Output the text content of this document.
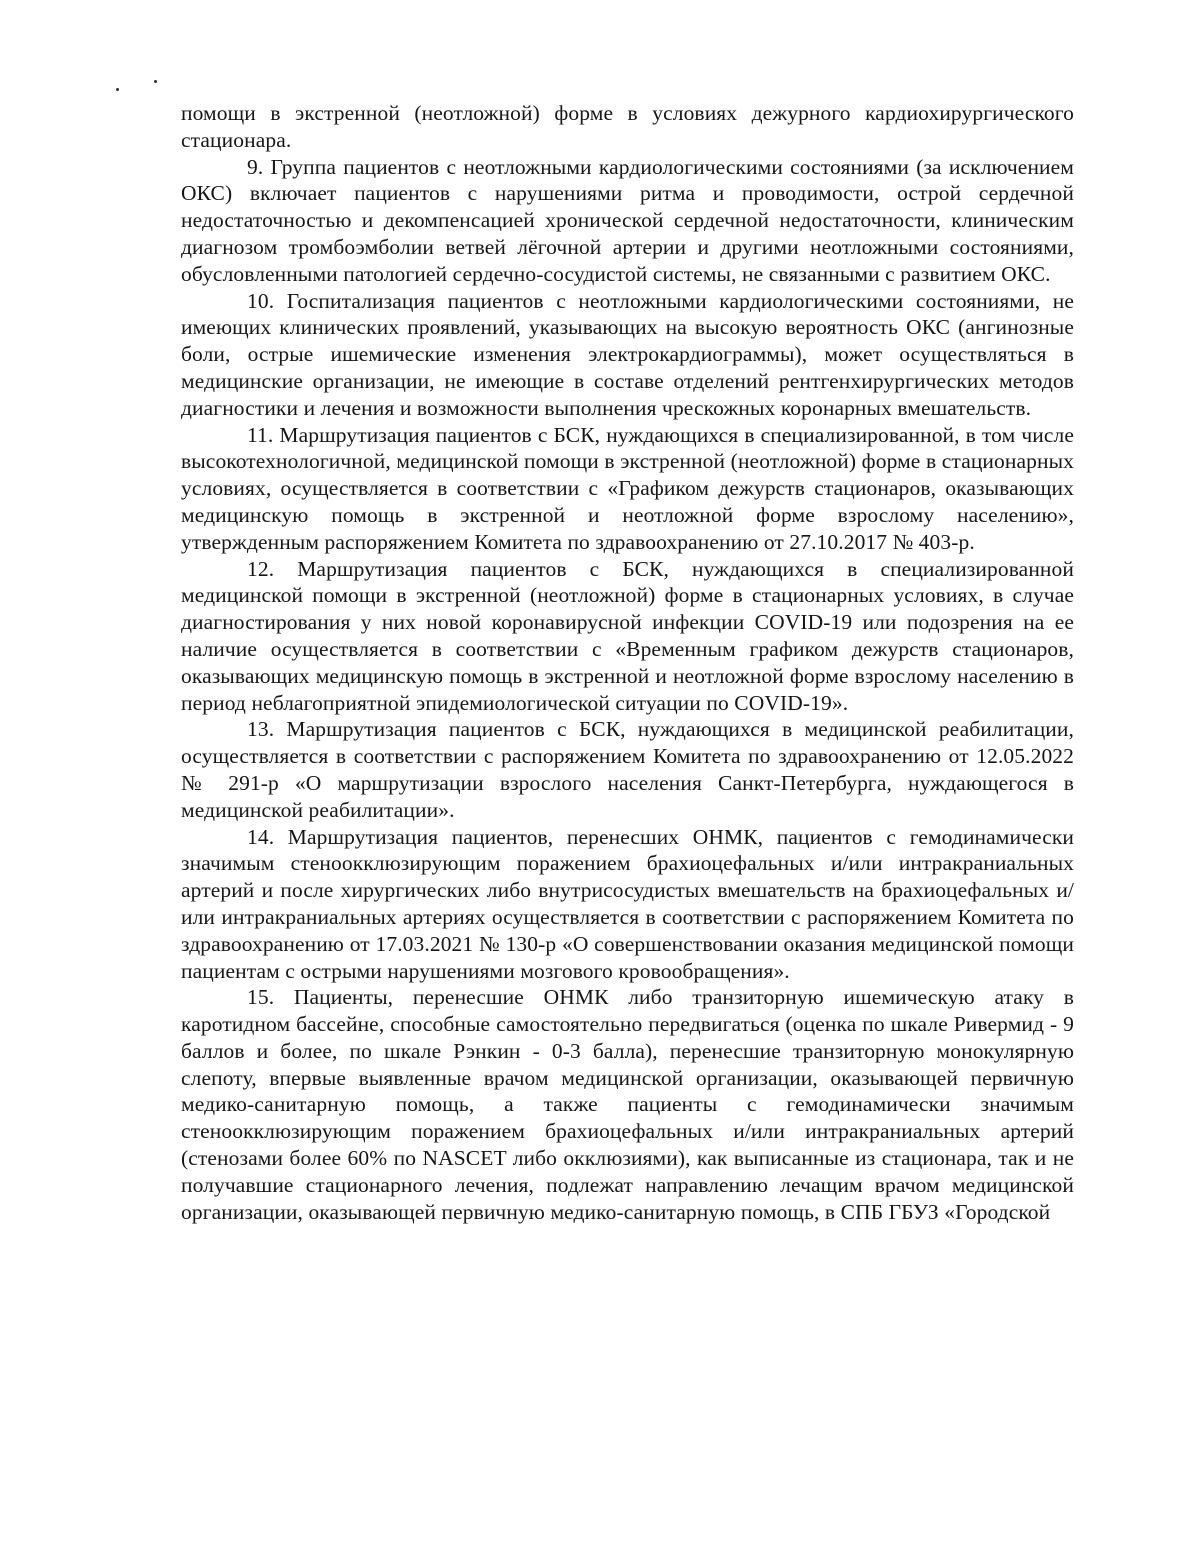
помощи в экстренной (неотложной) форме в условиях дежурного кардиохирургического стационара.

9. Группа пациентов с неотложными кардиологическими состояниями (за исключением ОКС) включает пациентов с нарушениями ритма и проводимости, острой сердечной недостаточностью и декомпенсацией хронической сердечной недостаточности, клиническим диагнозом тромбоэмболии ветвей лёгочной артерии и другими неотложными состояниями, обусловленными патологией сердечно-сосудистой системы, не связанными с развитием ОКС.

10. Госпитализация пациентов с неотложными кардиологическими состояниями, не имеющих клинических проявлений, указывающих на высокую вероятность ОКС (ангинозные боли, острые ишемические изменения электрокардиограммы), может осуществляться в медицинские организации, не имеющие в составе отделений рентгенхирургических методов диагностики и лечения и возможности выполнения чрескожных коронарных вмешательств.

11. Маршрутизация пациентов с БСК, нуждающихся в специализированной, в том числе высокотехнологичной, медицинской помощи в экстренной (неотложной) форме в стационарных условиях, осуществляется в соответствии с «Графиком дежурств стационаров, оказывающих медицинскую помощь в экстренной и неотложной форме взрослому населению», утвержденным распоряжением Комитета по здравоохранению от 27.10.2017 № 403-р.

12. Маршрутизация пациентов с БСК, нуждающихся в специализированной медицинской помощи в экстренной (неотложной) форме в стационарных условиях, в случае диагностирования у них новой коронавирусной инфекции COVID-19 или подозрения на ее наличие осуществляется в соответствии с «Временным графиком дежурств стационаров, оказывающих медицинскую помощь в экстренной и неотложной форме взрослому населению в период неблагоприятной эпидемиологической ситуации по COVID-19».

13. Маршрутизация пациентов с БСК, нуждающихся в медицинской реабилитации, осуществляется в соответствии с распоряжением Комитета по здравоохранению от 12.05.2022 № 291-р «О маршрутизации взрослого населения Санкт-Петербурга, нуждающегося в медицинской реабилитации».

14. Маршрутизация пациентов, перенесших ОНМК, пациентов с гемодинамически значимым стеноокклюзирующим поражением брахиоцефальных и/или интракраниальных артерий и после хирургических либо внутрисосудистых вмешательств на брахиоцефальных и/или интракраниальных артериях осуществляется в соответствии с распоряжением Комитета по здравоохранению от 17.03.2021 № 130-р «О совершенствовании оказания медицинской помощи пациентам с острыми нарушениями мозгового кровообращения».

15. Пациенты, перенесшие ОНМК либо транзиторную ишемическую атаку в каротидном бассейне, способные самостоятельно передвигаться (оценка по шкале Ривермид - 9 баллов и более, по шкале Рэнкин - 0-3 балла), перенесшие транзиторную монокулярную слепоту, впервые выявленные врачом медицинской организации, оказывающей первичную медико-санитарную помощь, а также пациенты с гемодинамически значимым стеноокклюзирующим поражением брахиоцефальных и/или интракраниальных артерий (стенозами более 60% по NASCET либо окклюзиями), как выписанные из стационара, так и не получавшие стационарного лечения, подлежат направлению лечащим врачом медицинской организации, оказывающей первичную медико-санитарную помощь, в СПБ ГБУЗ «Городской
